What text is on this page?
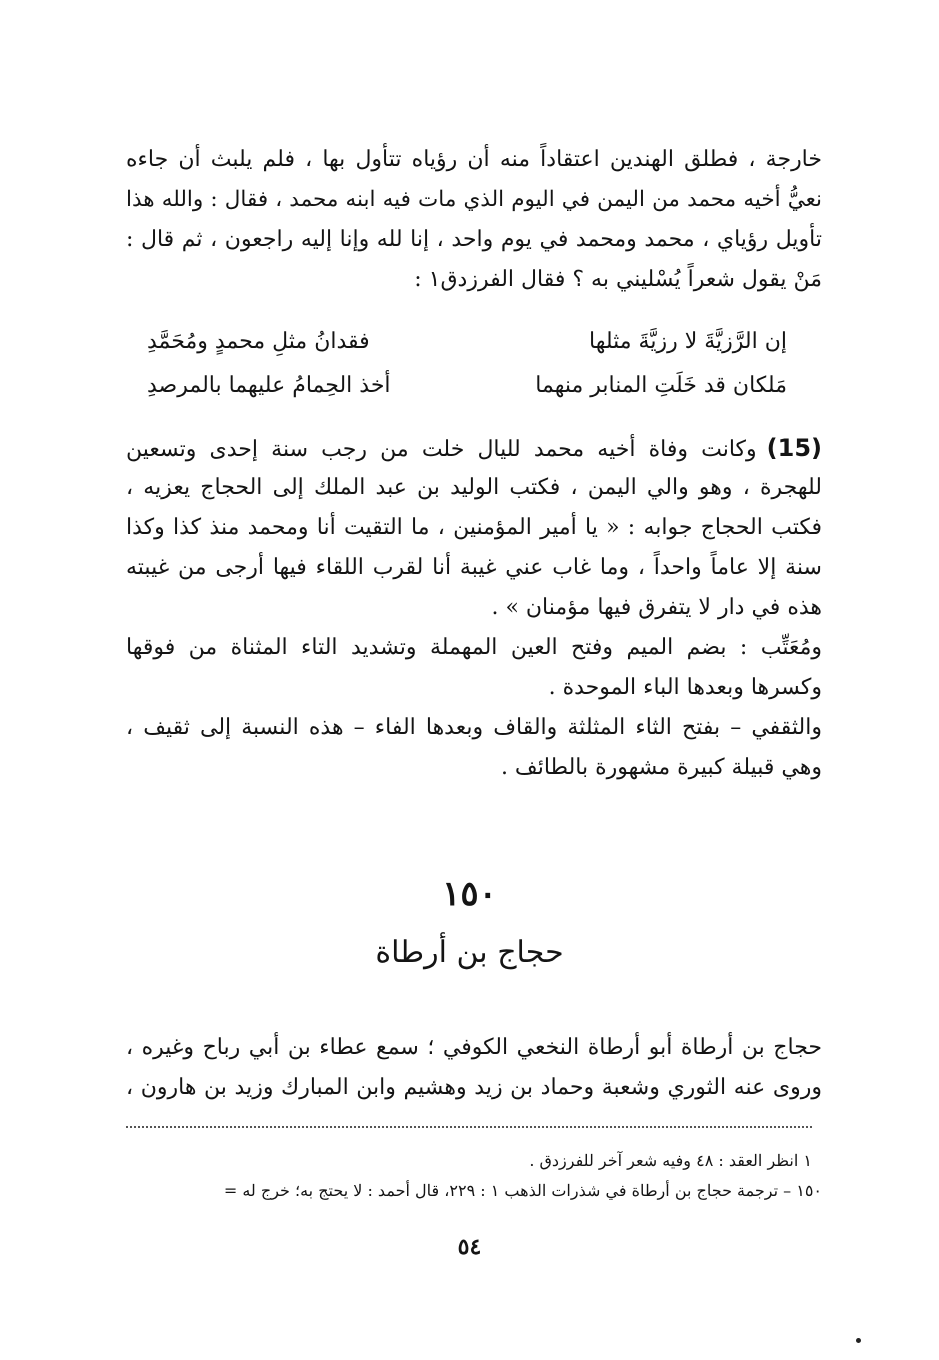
خارجة ، فطلق الهندين اعتقاداً منه أن رؤياه تتأول بها ، فلم يلبث أن جاءه
نعيُّ أخيه محمد من اليمن في اليوم الذي مات فيه ابنه محمد ، فقال : والله هذا
تأويل رؤياي ، محمد ومحمد في يوم واحد ، إنا لله وإنا إليه راجعون ، ثم قال :
مَنْ يقول شعراً يُسْليني به ؟ فقال الفرزدق١ :
إن الرَّزيَّةَ لا رزيَّةَ مثلها
فقدانُ مثلِ محمدٍ ومُحَمَّدِ
مَلكان قد خَلَتِ المنابر منهما
أخذ الحِمامُ عليهما بالمرصدِ
(15)وكانت وفاة أخيه محمد لليال خلت من رجب سنة إحدى وتسعين
للهجرة ، وهو والي اليمن ، فكتب الوليد بن عبد الملك إلى الحجاج يعزيه ،
فكتب الحجاج جوابه : « يا أمير المؤمنين ، ما التقيت أنا ومحمد منذ كذا وكذا
سنة إلا عاماً واحداً ، وما غاب عني غيبة أنا لقرب اللقاء فيها أرجى من غيبته
هذه في دار لا يتفرق فيها مؤمنان » .
ومُعَتِّب : بضم الميم وفتح العين المهملة وتشديد التاء المثناة من فوقها
وكسرها وبعدها الباء الموحدة .
والثقفي – بفتح الثاء المثلثة والقاف وبعدها الفاء – هذه النسبة إلى ثقيف ،
وهي قبيلة كبيرة مشهورة بالطائف .
١٥٠
حجاج بن أرطاة
حجاج بن أرطاة أبو أرطاة النخعي الكوفي ؛ سمع عطاء بن أبي رباح وغيره ،
وروى عنه الثوري وشعبة وحماد بن زيد وهشيم وابن المبارك وزيد بن هارون ،
١ انظر العقد : ٤٨ وفيه شعر آخر للفرزدق .
١٥٠ – ترجمة حجاج بن أرطاة في شذرات الذهب ١ : ٢٢٩، قال أحمد : لا يحتج به؛ خرج له =
٥٤
